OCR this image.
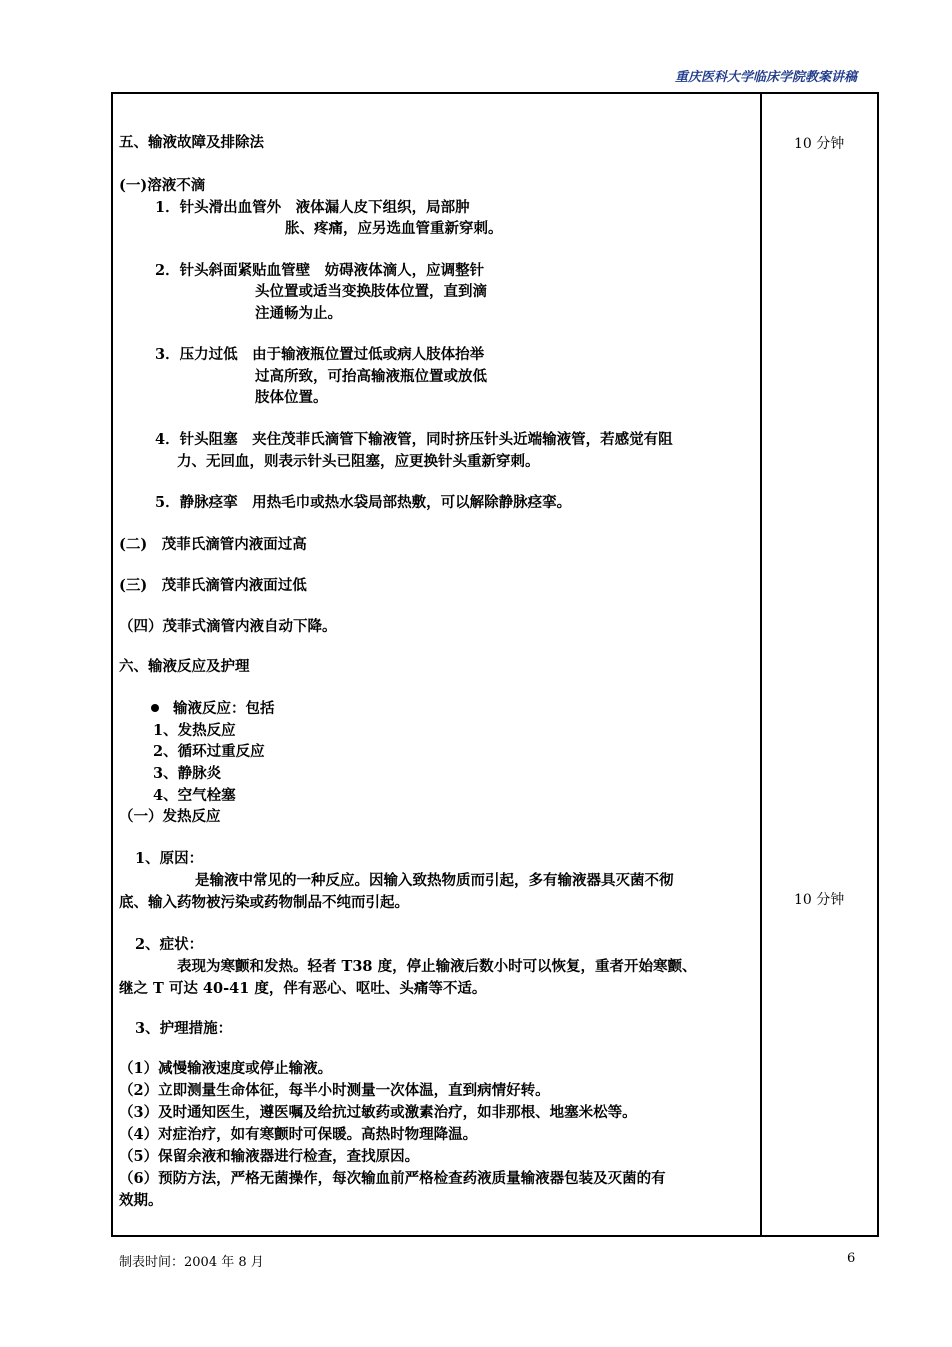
重庆医科大学临床学院教案讲稿
10 分钟
10 分钟
五、输液故障及排除法
(一)溶液不滴
1．针头滑出血管外　液体漏人皮下组织，局部肿
胀、疼痛，应另选血管重新穿刺。
2．针头斜面紧贴血管壁　妨碍液体滴人，应调整针
头位置或适当变换肢体位置，直到滴
注通畅为止。
3．压力过低　由于输液瓶位置过低或病人肢体抬举
过高所致，可抬高输液瓶位置或放低
肢体位置。
4．针头阻塞　夹住茂菲氏滴管下输液管，同时挤压针头近端输液管，若感觉有阻
力、无回血，则表示针头已阻塞，应更换针头重新穿刺。
5．静脉痉挛　用热毛巾或热水袋局部热敷，可以解除静脉痉挛。
(二)　茂菲氏滴管内液面过高
(三)　茂菲氏滴管内液面过低
（四）茂菲式滴管内液自动下降。
六、输液反应及护理
输液反应：包括
1、发热反应
2、循环过重反应
3、静脉炎
4、空气栓塞
（一）发热反应
1、原因：
是输液中常见的一种反应。因输入致热物质而引起，多有输液器具灭菌不彻
底、输入药物被污染或药物制品不纯而引起。
2、症状：
表现为寒颤和发热。轻者 T38 度，停止输液后数小时可以恢复，重者开始寒颤、
继之 T 可达 40-41 度，伴有恶心、呕吐、头痛等不适。
3、护理措施：
（1）减慢输液速度或停止输液。
（2）立即测量生命体征，每半小时测量一次体温，直到病情好转。
（3）及时通知医生，遵医嘱及给抗过敏药或激素治疗，如非那根、地塞米松等。
（4）对症治疗，如有寒颤时可保暖。高热时物理降温。
（5）保留余液和输液器进行检查，查找原因。
（6）预防方法，严格无菌操作，每次输血前严格检查药液质量输液器包装及灭菌的有
效期。
制表时间：2004 年 8 月	6
